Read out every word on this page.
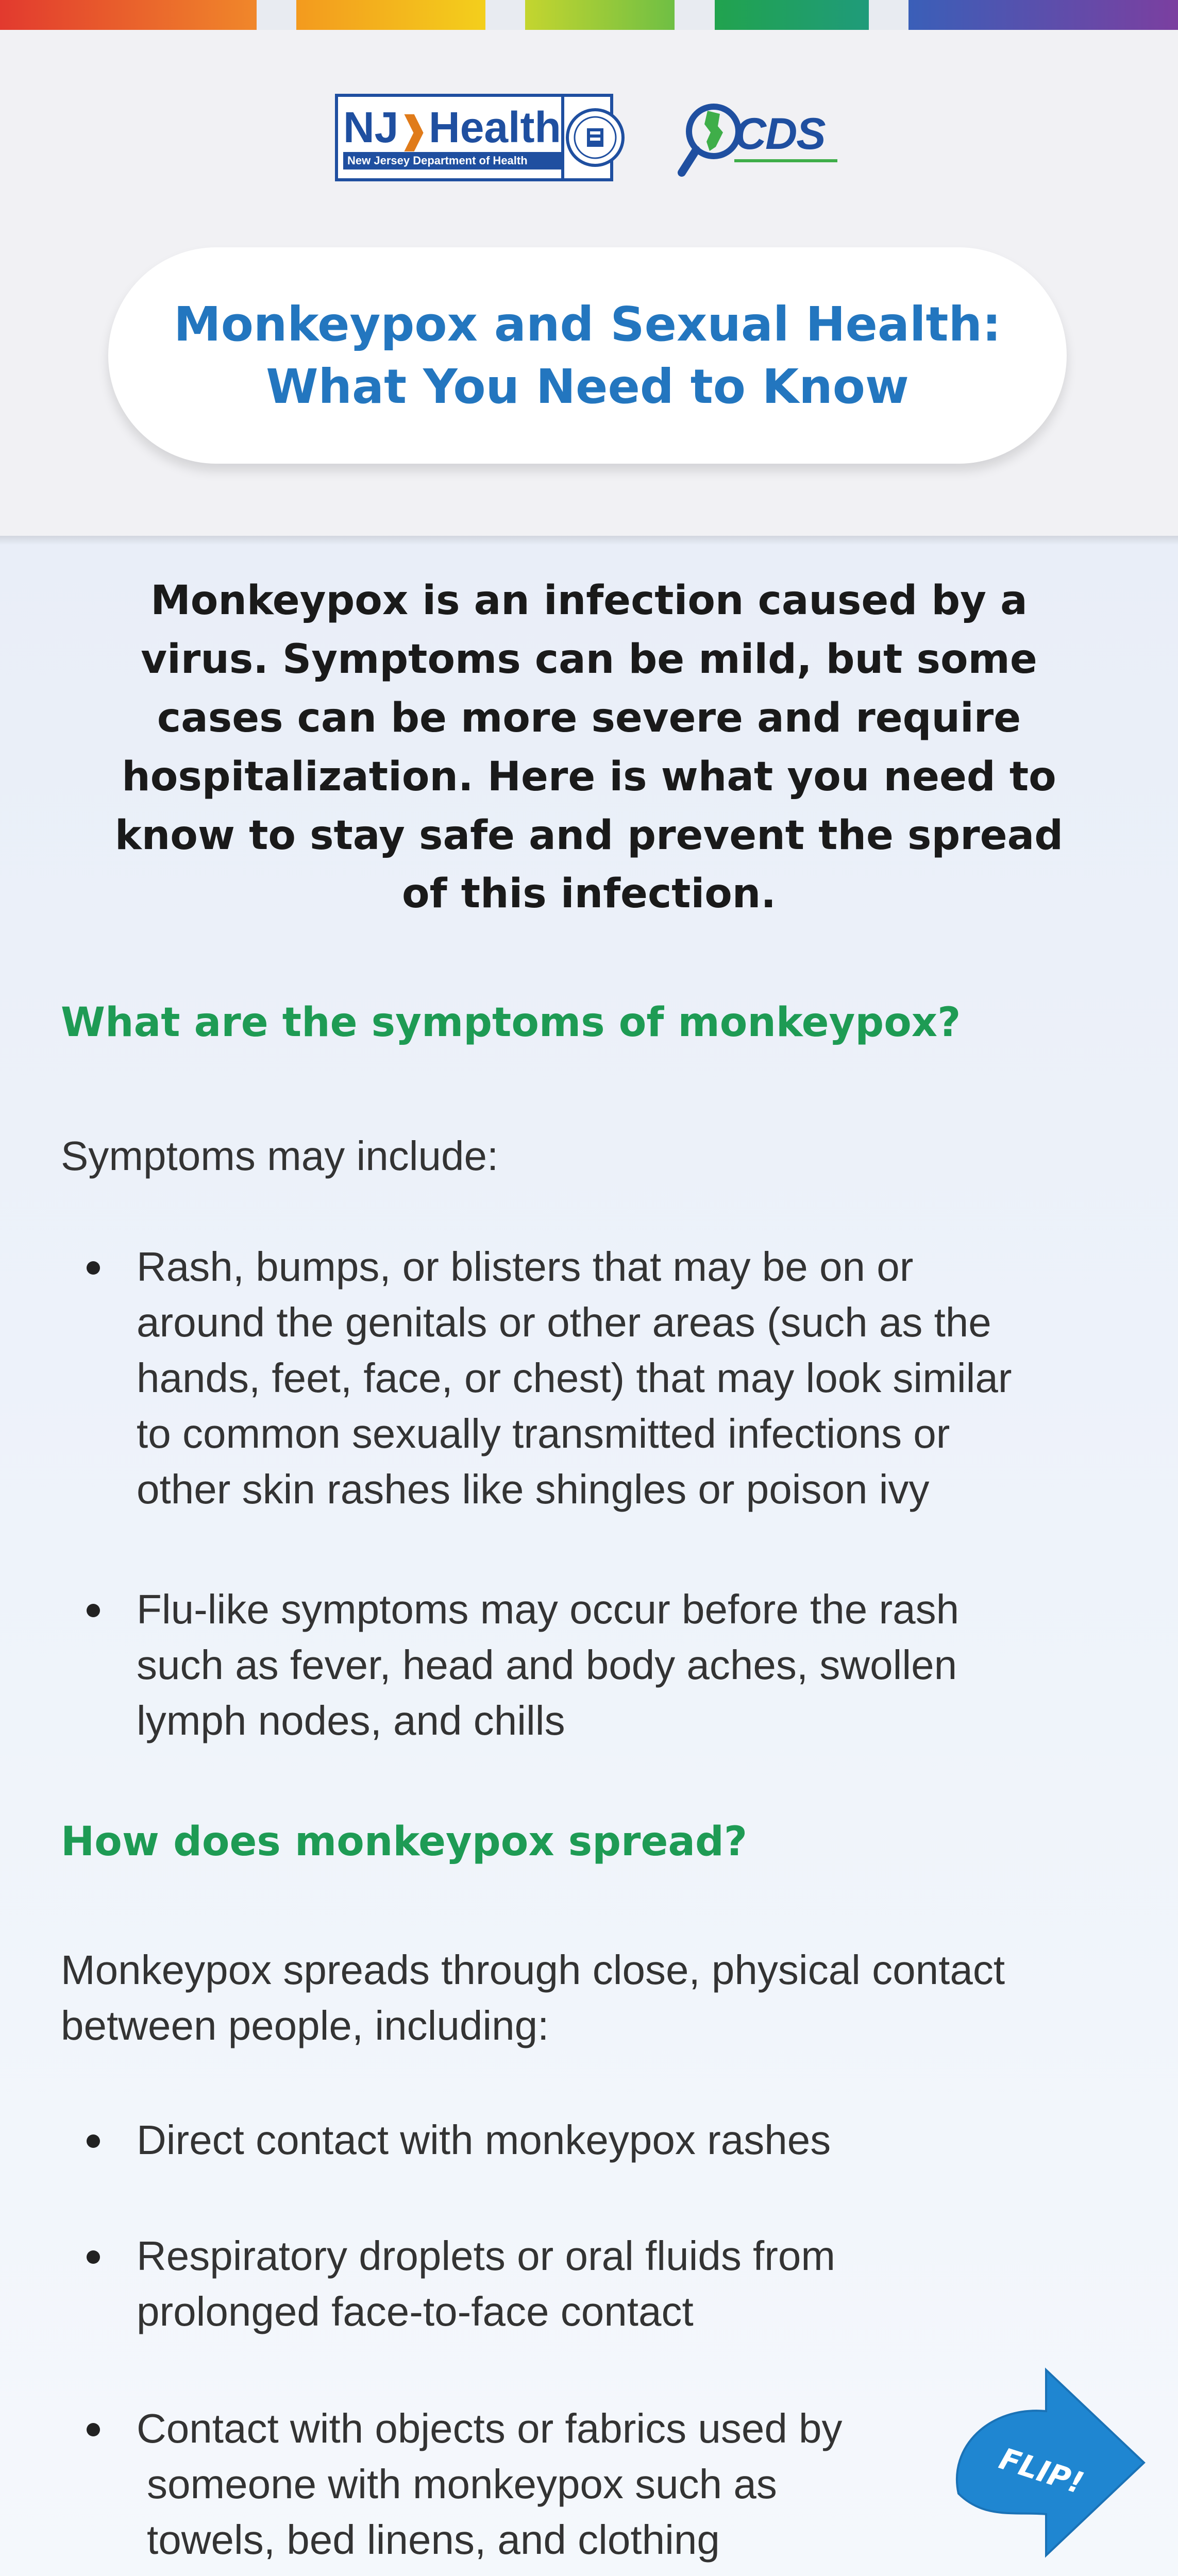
NJ❱Health
New Jersey Department of Health
CDS
Monkeypox and Sexual Health:
What You Need to Know

Monkeypox is an infection caused by a
virus. Symptoms can be mild, but some
cases can be more severe and require
hospitalization. Here is what you need to
know to stay safe and prevent the spread
of this infection.

What are the symptoms of monkeypox?

Symptoms may include:

Rash, bumps, or blisters that may be on or
around the genitals or other areas (such as the
hands, feet, face, or chest) that may look similar
to common sexually transmitted infections or
other skin rashes like shingles or poison ivy
Flu-like symptoms may occur before the rash
such as fever, head and body aches, swollen
lymph nodes, and chills
How does monkeypox spread?

Monkeypox spreads through close, physical contact
between people, including:

Direct contact with monkeypox rashes
Respiratory droplets or oral fluids from
prolonged face-to-face contact
Contact with objects or fabrics used by
someone with monkeypox such as
towels, bed linens, and clothing
FLIP!
